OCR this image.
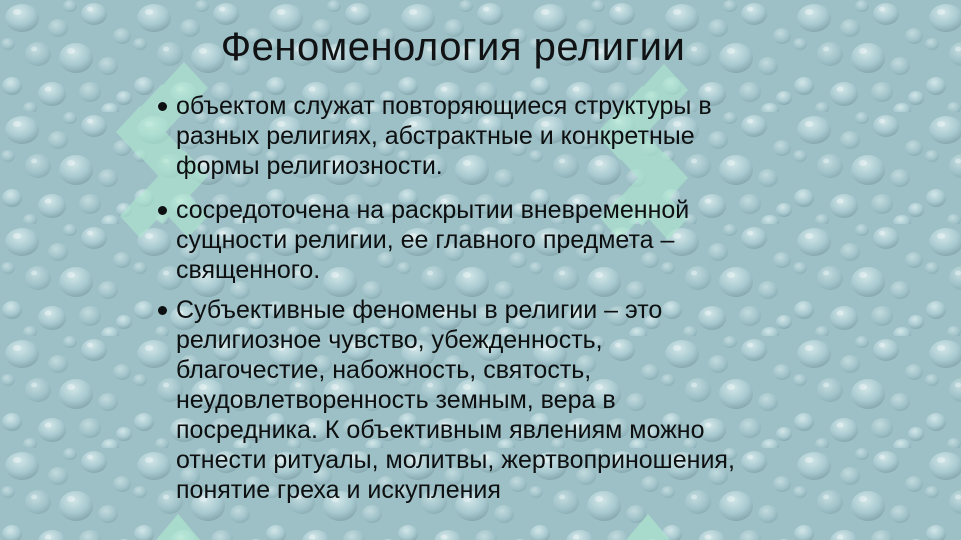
Феноменология религии
объектом служат повторяющиеся структуры в
разных религиях, абстрактные и конкретные
формы религиозности.
сосредоточена на раскрытии вневременной
сущности религии, ее главного предмета –
священного.
Субъективные феномены в религии – это
религиозное чувство, убежденность,
благочестие, набожность, святость,
неудовлетворенность земным, вера в
посредника. К объективным явлениям можно
отнести ритуалы, молитвы, жертвоприношения,
понятие греха и искупления
